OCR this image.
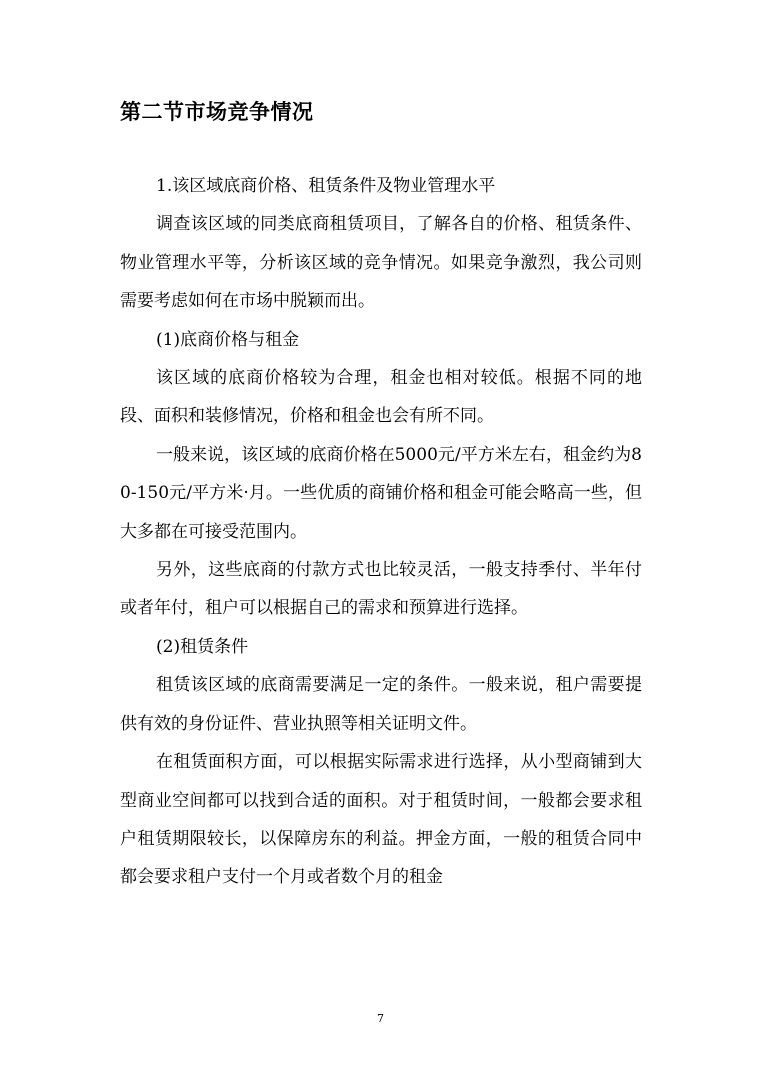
第二节市场竞争情况

1.该区域底商价格、租赁条件及物业管理水平

调查该区域的同类底商租赁项目，了解各自的价格、租赁条件、物业管理水平等，分析该区域的竞争情况。如果竞争激烈，我公司则需要考虑如何在市场中脱颖而出。

(1)底商价格与租金

该区域的底商价格较为合理，租金也相对较低。根据不同的地段、面积和装修情况，价格和租金也会有所不同。

一般来说，该区域的底商价格在5000元/平方米左右，租金约为80-150元/平方米·月。一些优质的商铺价格和租金可能会略高一些，但大多都在可接受范围内。

另外，这些底商的付款方式也比较灵活，一般支持季付、半年付或者年付，租户可以根据自己的需求和预算进行选择。

(2)租赁条件

租赁该区域的底商需要满足一定的条件。一般来说，租户需要提供有效的身份证件、营业执照等相关证明文件。

在租赁面积方面，可以根据实际需求进行选择，从小型商铺到大型商业空间都可以找到合适的面积。对于租赁时间，一般都会要求租户租赁期限较长，以保障房东的利益。押金方面，一般的租赁合同中都会要求租户支付一个月或者数个月的租金

7
